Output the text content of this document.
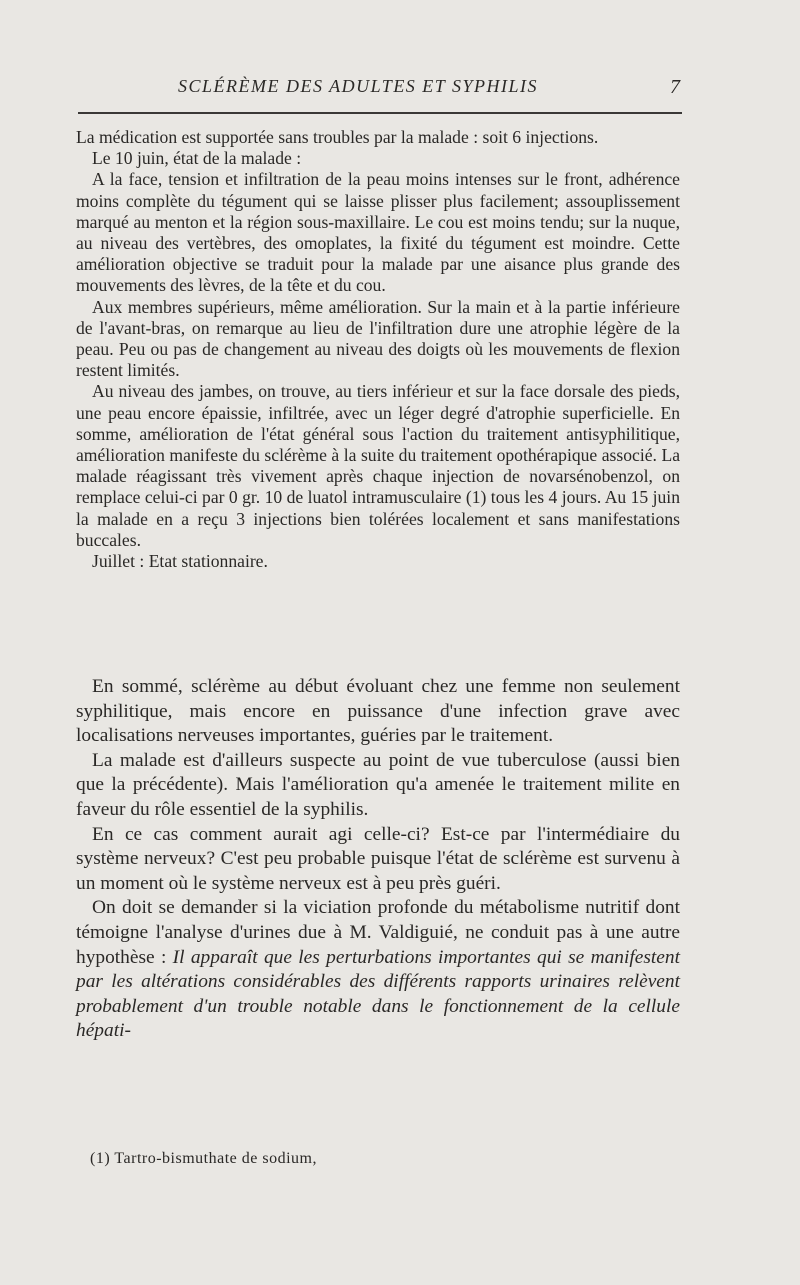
SCLÉRÈME DES ADULTES ET SYPHILIS	7

La médication est supportée sans troubles par la malade : soit 6 injections.

Le 10 juin, état de la malade :

A la face, tension et infiltration de la peau moins intenses sur le front, adhérence moins complète du tégument qui se laisse plisser plus facilement; assouplissement marqué au menton et la région sous-maxillaire. Le cou est moins tendu; sur la nuque, au niveau des vertèbres, des omoplates, la fixité du tégument est moindre. Cette amélioration objective se traduit pour la malade par une aisance plus grande des mouvements des lèvres, de la tête et du cou.

Aux membres supérieurs, même amélioration. Sur la main et à la partie inférieure de l'avant-bras, on remarque au lieu de l'infiltration dure une atrophie légère de la peau. Peu ou pas de changement au niveau des doigts où les mouvements de flexion restent limités.

Au niveau des jambes, on trouve, au tiers inférieur et sur la face dorsale des pieds, une peau encore épaissie, infiltrée, avec un léger degré d'atrophie superficielle. En somme, amélioration de l'état général sous l'action du traitement antisyphilitique, amélioration manifeste du sclérème à la suite du traitement opothérapique associé. La malade réagissant très vivement après chaque injection de novarsénobenzol, on remplace celui-ci par 0 gr. 10 de luatol intramusculaire (1) tous les 4 jours. Au 15 juin la malade en a reçu 3 injections bien tolérées localement et sans manifestations buccales.

Juillet : Etat stationnaire.

En sommé, sclérème au début évoluant chez une femme non seulement syphilitique, mais encore en puissance d'une infection grave avec localisations nerveuses importantes, guéries par le traitement.

La malade est d'ailleurs suspecte au point de vue tuberculose (aussi bien que la précédente). Mais l'amélioration qu'a amenée le traitement milite en faveur du rôle essentiel de la syphilis.

En ce cas comment aurait agi celle-ci? Est-ce par l'intermédiaire du système nerveux? C'est peu probable puisque l'état de sclérème est survenu à un moment où le système nerveux est à peu près guéri.

On doit se demander si la viciation profonde du métabolisme nutritif dont témoigne l'analyse d'urines due à M. Valdiguié, ne conduit pas à une autre hypothèse : Il apparaît que les perturbations importantes qui se manifestent par les altérations considérables des différents rapports urinaires relèvent probablement d'un trouble notable dans le fonctionnement de la cellule hépati-

(1) Tartro-bismuthate de sodium,
